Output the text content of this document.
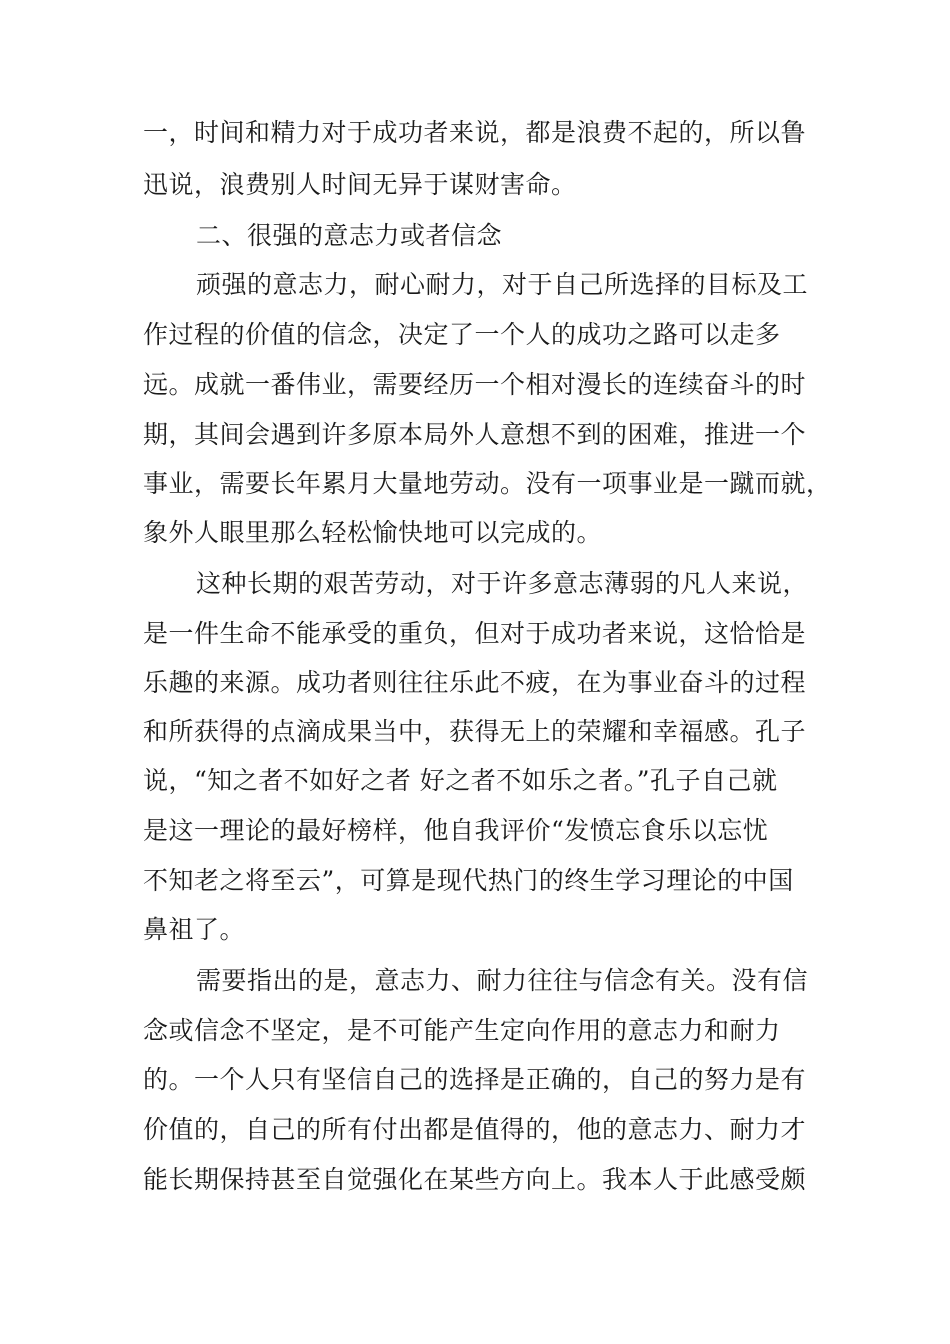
一，时间和精力对于成功者来说，都是浪费不起的，所以鲁
迅说，浪费别人时间无异于谋财害命。
二、很强的意志力或者信念
顽强的意志力，耐心耐力，对于自己所选择的目标及工
作过程的价值的信念，决定了一个人的成功之路可以走多
远。成就一番伟业，需要经历一个相对漫长的连续奋斗的时
期，其间会遇到许多原本局外人意想不到的困难，推进一个
事业，需要长年累月大量地劳动。没有一项事业是一蹴而就，
象外人眼里那么轻松愉快地可以完成的。
这种长期的艰苦劳动，对于许多意志薄弱的凡人来说，
是一件生命不能承受的重负，但对于成功者来说，这恰恰是
乐趣的来源。成功者则往往乐此不疲，在为事业奋斗的过程
和所获得的点滴成果当中，获得无上的荣耀和幸福感。孔子
说，“知之者不如好之者 好之者不如乐之者。”孔子自己就
是这一理论的最好榜样，他自我评价“发愤忘食乐以忘忧
不知老之将至云”，可算是现代热门的终生学习理论的中国
鼻祖了。
需要指出的是，意志力、耐力往往与信念有关。没有信
念或信念不坚定，是不可能产生定向作用的意志力和耐力
的。一个人只有坚信自己的选择是正确的，自己的努力是有
价值的，自己的所有付出都是值得的，他的意志力、耐力才
能长期保持甚至自觉强化在某些方向上。我本人于此感受颇
